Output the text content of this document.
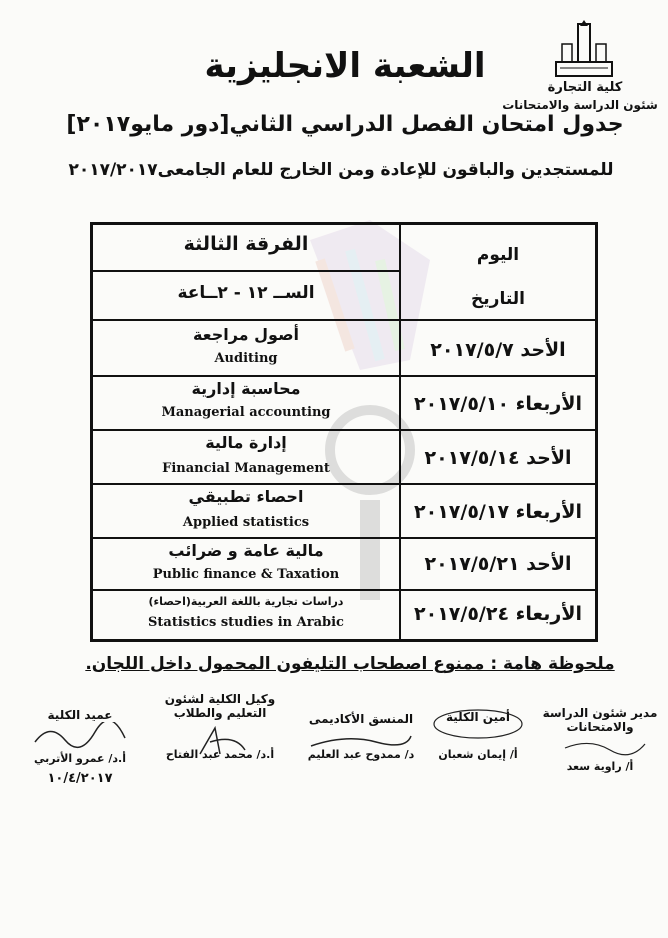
كلية التجارة
شئون الدراسة والامتحانات
الشعبة الانجليزية
جدول امتحان الفصل الدراسي الثاني[دور مايو٢٠١٧]
للمستجدين والباقون للإعادة ومن الخارج للعام الجامعى٢٠١٧/٢٠١٧
اليوم
التاريخ
الفرقة الثالثة
الســ ١٢ - ٢ــاعة
الأحد ٢٠١٧/٥/٧
أصول مراجعة
Auditing
الأربعاء ٢٠١٧/٥/١٠
محاسبة إدارية
Managerial accounting
الأحد ٢٠١٧/٥/١٤
إدارة مالية
Financial Management
الأربعاء ٢٠١٧/٥/١٧
احصاء تطبيقي
Applied statistics
الأحد ٢٠١٧/٥/٢١
مالية عامة و ضرائب
Public finance & Taxation
الأربعاء ٢٠١٧/٥/٢٤
دراسات تجارية باللغة العربية(احصاء)
Statistics studies in Arabic
ملحوظة هامة : ممنوع اصطحاب التليفون المحمول داخل اللجان.
عميد الكلية
أ.د/ عمرو الأتربي
١٠/٤/٢٠١٧
وكيل الكلية لشئون التعليم والطلاب
أ.د/ محمد عبد الفتاح
المنسق الأكاديمى
د/ ممدوح عبد العليم
أمين الكلية
أ/ إيمان شعبان
مدير شئون الدراسة والامتحانات
أ/ راوية سعد
